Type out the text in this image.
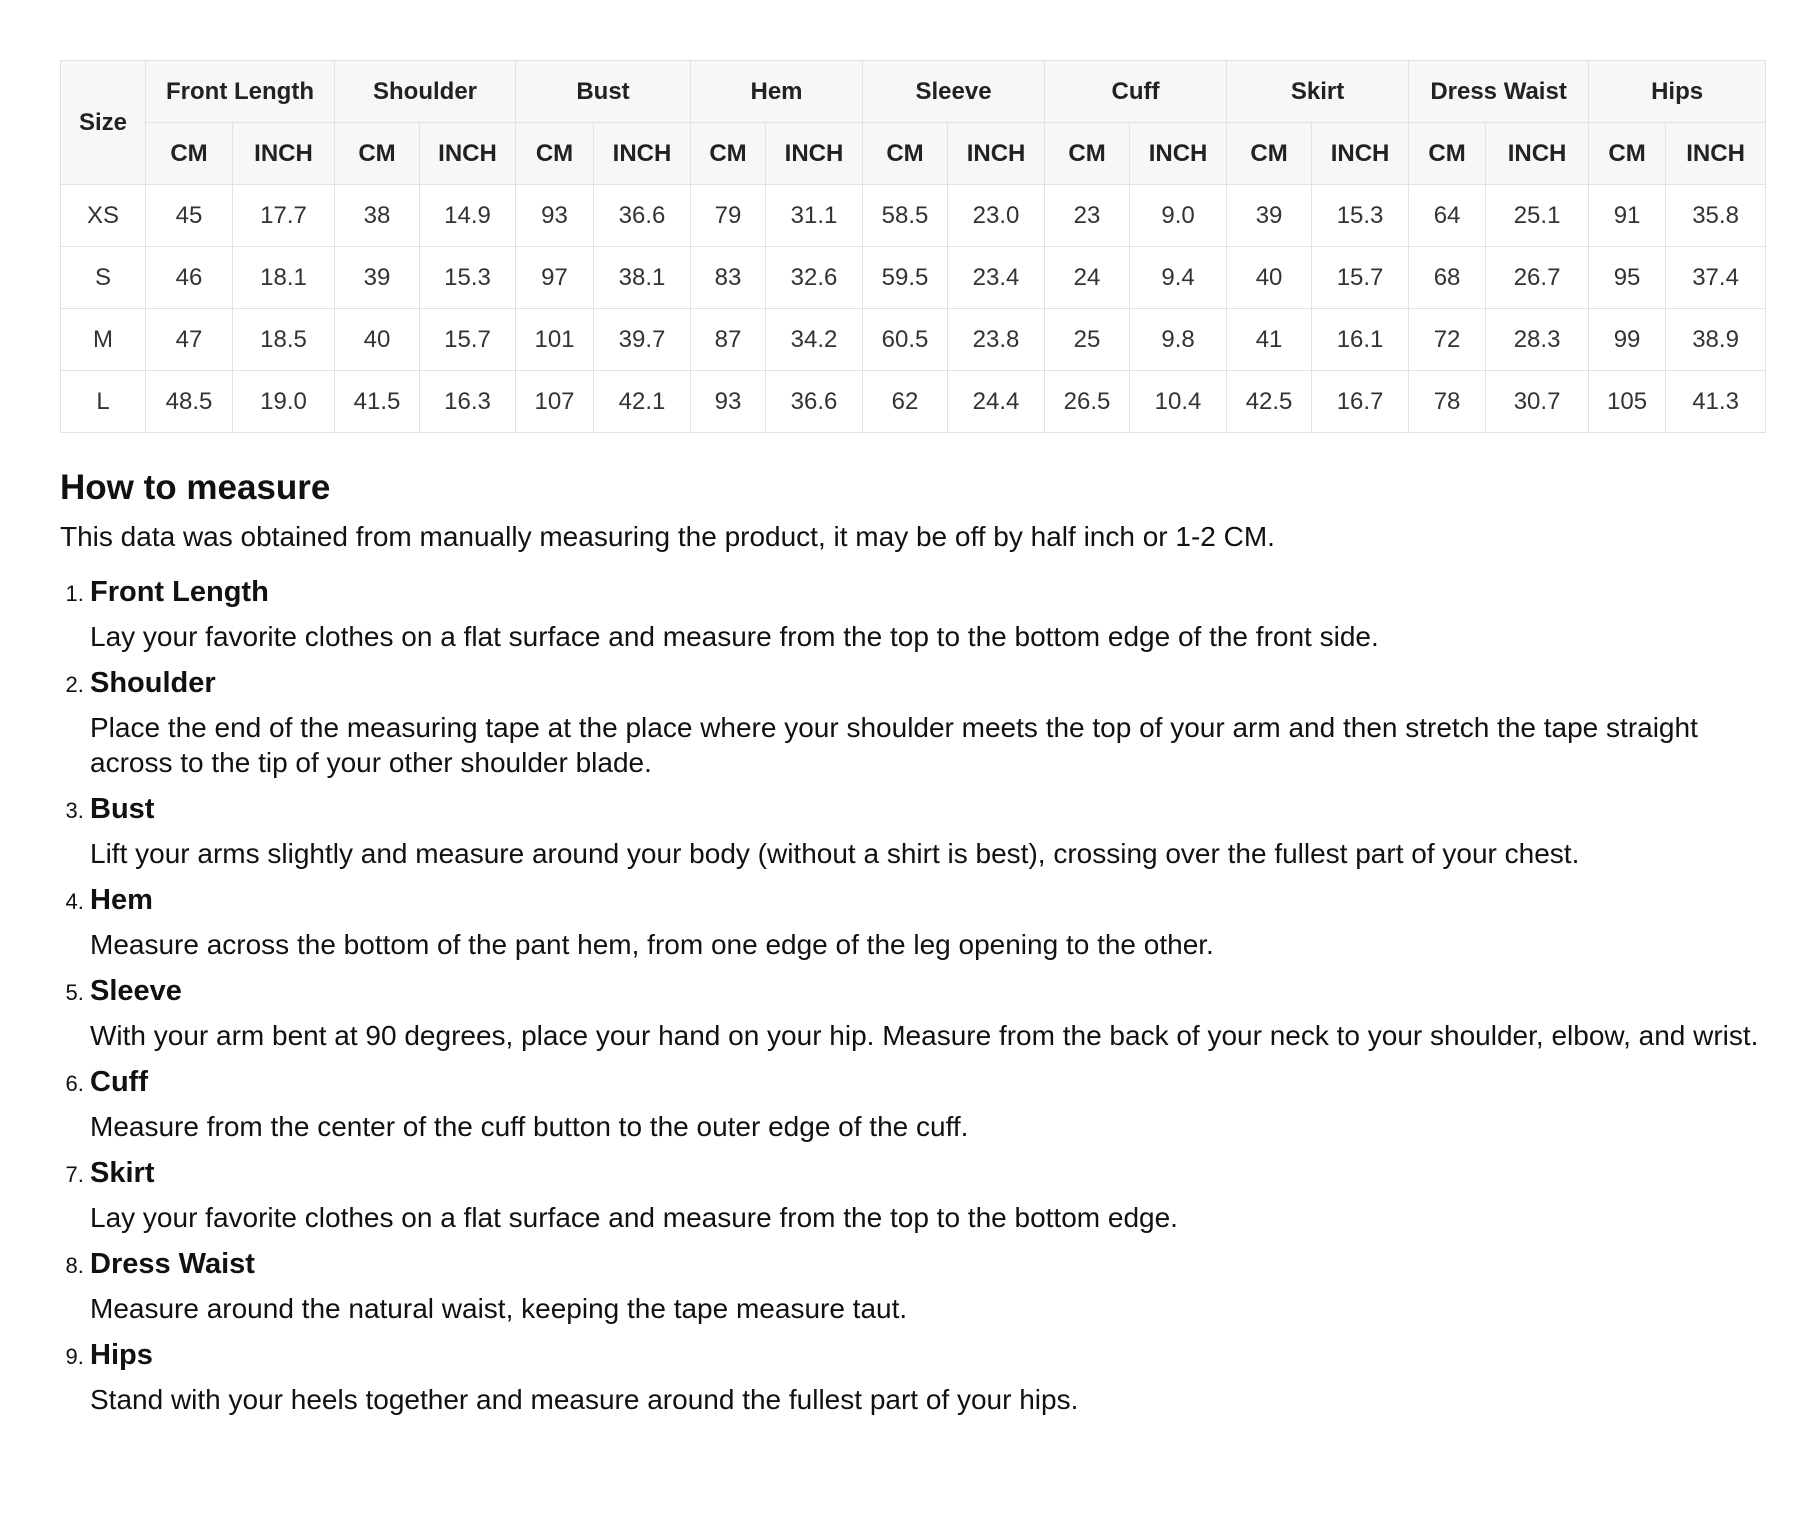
Size	Front Length		Shoulder		Bust		Hem		Sleeve		Cuff		Skirt		Dress Waist		Hips	
	CM	INCH	CM	INCH	CM	INCH	CM	INCH	CM	INCH	CM	INCH	CM	INCH	CM	INCH	CM	INCH
XS	45	17.7	38	14.9	93	36.6	79	31.1	58.5	23.0	23	9.0	39	15.3	64	25.1	91	35.8
S	46	18.1	39	15.3	97	38.1	83	32.6	59.5	23.4	24	9.4	40	15.7	68	26.7	95	37.4
M	47	18.5	40	15.7	101	39.7	87	34.2	60.5	23.8	25	9.8	41	16.1	72	28.3	99	38.9
L	48.5	19.0	41.5	16.3	107	42.1	93	36.6	62	24.4	26.5	10.4	42.5	16.7	78	30.7	105	41.3
How to measure

This data was obtained from manually measuring the product, it may be off by half inch or 1-2 CM.

1. Front Length
Lay your favorite clothes on a flat surface and measure from the top to the bottom edge of the front side.
2. Shoulder
Place the end of the measuring tape at the place where your shoulder meets the top of your arm and then stretch the tape straight across to the tip of your other shoulder blade.
3. Bust
Lift your arms slightly and measure around your body (without a shirt is best), crossing over the fullest part of your chest.
4. Hem
Measure across the bottom of the pant hem, from one edge of the leg opening to the other.
5. Sleeve
With your arm bent at 90 degrees, place your hand on your hip. Measure from the back of your neck to your shoulder, elbow, and wrist.
6. Cuff
Measure from the center of the cuff button to the outer edge of the cuff.
7. Skirt
Lay your favorite clothes on a flat surface and measure from the top to the bottom edge.
8. Dress Waist
Measure around the natural waist, keeping the tape measure taut.
9. Hips
Stand with your heels together and measure around the fullest part of your hips.
